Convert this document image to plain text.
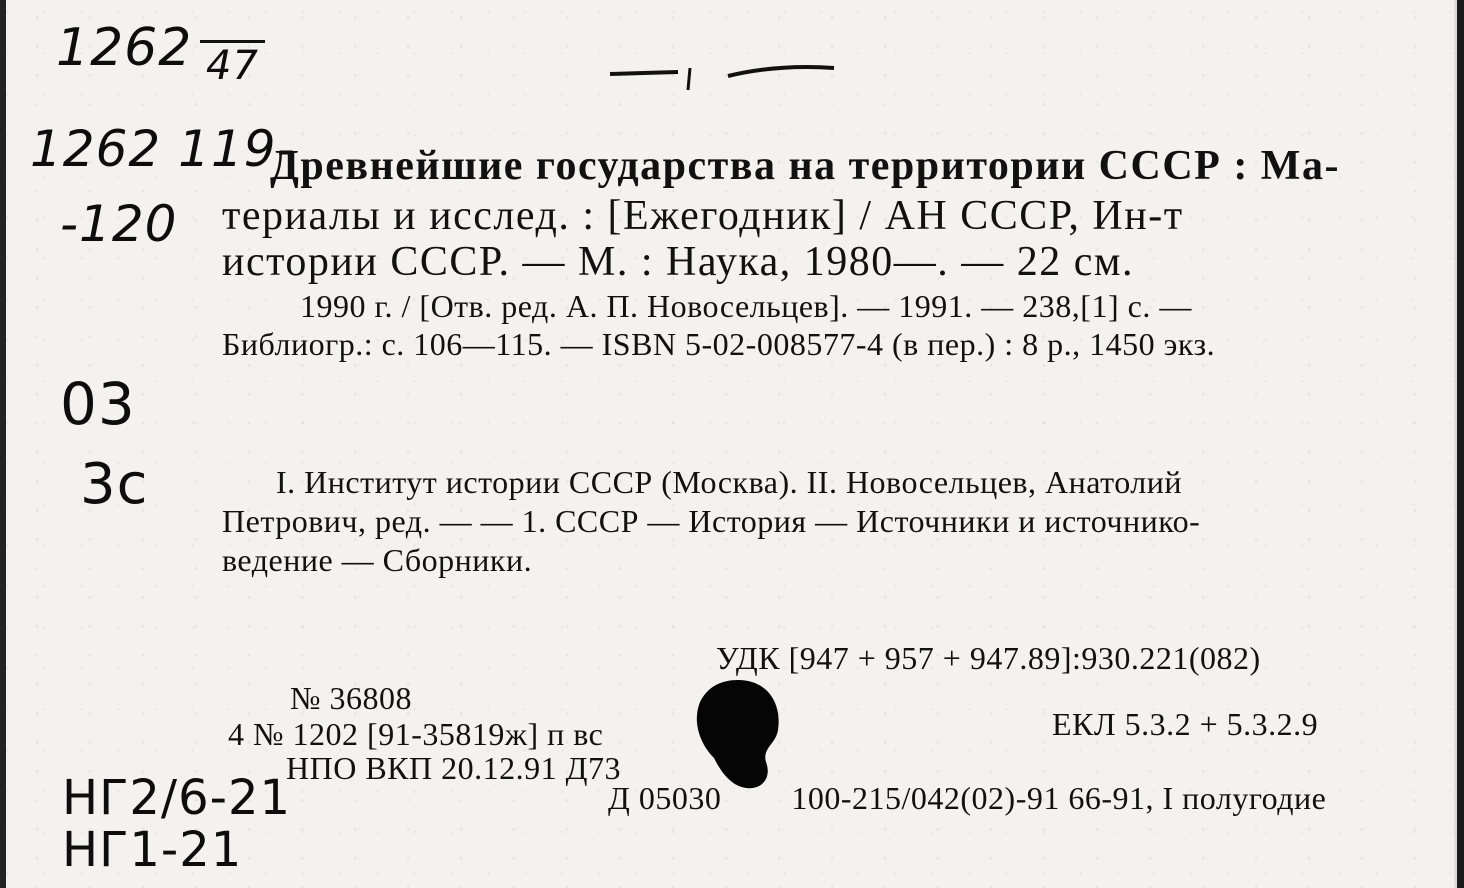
1262 47
1262 119-
-120
03
3c
НГ2/6-21
НГ1-21
Древнейшие государства на территории СССР : Ма-
териалы и исслед. : [Ежегодник] / АН СССР, Ин-т
истории СССР. — М. : Наука, 1980—. — 22 см.
1990 г. / [Отв. ред. А. П. Новосельцев]. — 1991. — 238,[1] с. —
Библиогр.: с. 106—115. — ISBN 5-02-008577-4 (в пер.) : 8 р., 1450 экз.
I. Институт истории СССР (Москва). II. Новосельцев, Анатолий
Петрович, ред. — — 1. СССР — История — Источники и источнико-
ведение — Сборники.
УДК [947 + 957 + 947.89]:930.221(082)
ЕКЛ 5.3.2 + 5.3.2.9
№ 36808
4 № 1202 [91-35819ж] п вс
НПО ВКП 20.12.91 Д73
Д 05030 100-215/042(02)-91 66-91, I полугодие
